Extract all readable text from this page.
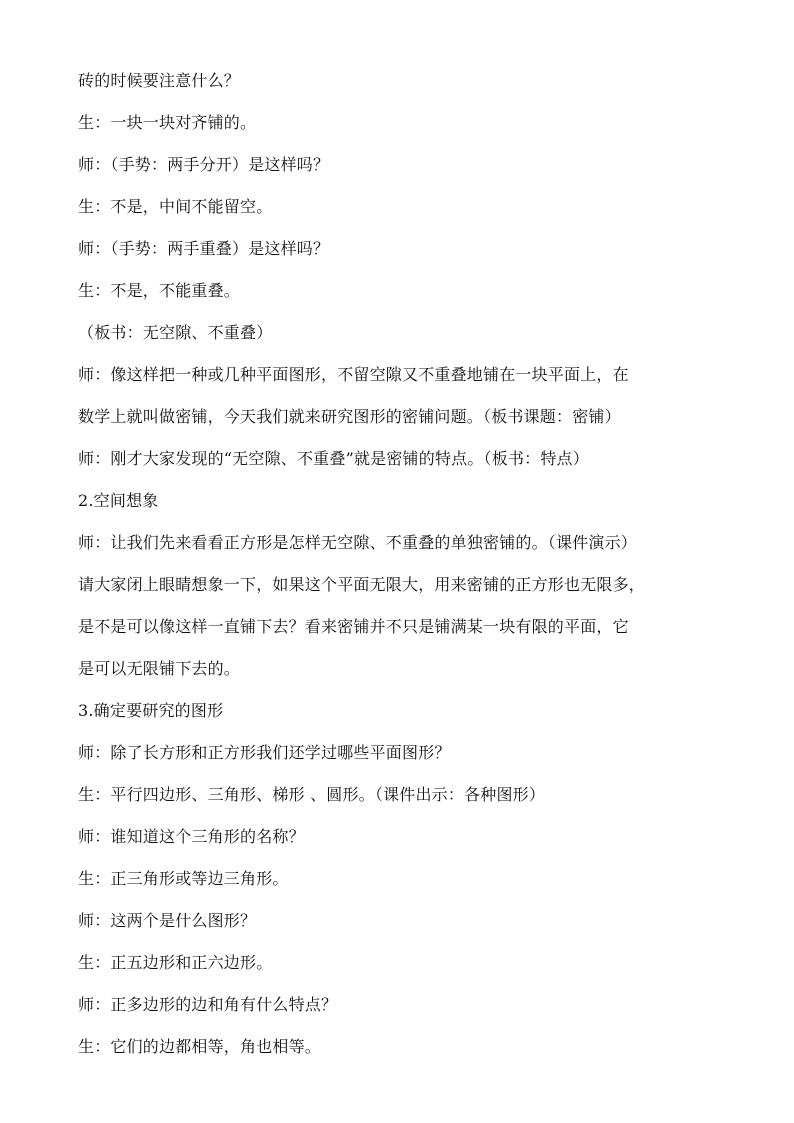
砖的时候要注意什么？

生：一块一块对齐铺的。

师：（手势：两手分开）是这样吗？

生：不是，中间不能留空。

师：（手势：两手重叠）是这样吗？

生：不是，不能重叠。

（板书：无空隙、不重叠）

师：像这样把一种或几种平面图形，不留空隙又不重叠地铺在一块平面上，在

数学上就叫做密铺，今天我们就来研究图形的密铺问题。（板书课题：密铺）

师：刚才大家发现的“无空隙、不重叠”就是密铺的特点。（板书：特点）

2.空间想象

师：让我们先来看看正方形是怎样无空隙、不重叠的单独密铺的。（课件演示）

请大家闭上眼睛想象一下，如果这个平面无限大，用来密铺的正方形也无限多，

是不是可以像这样一直铺下去？看来密铺并不只是铺满某一块有限的平面，它

是可以无限铺下去的。

3.确定要研究的图形

师：除了长方形和正方形我们还学过哪些平面图形？

生：平行四边形、三角形、梯形 、圆形。（课件出示：各种图形）

师：谁知道这个三角形的名称？

生：正三角形或等边三角形。

师：这两个是什么图形？

生：正五边形和正六边形。

师：正多边形的边和角有什么特点？

生：它们的边都相等，角也相等。
